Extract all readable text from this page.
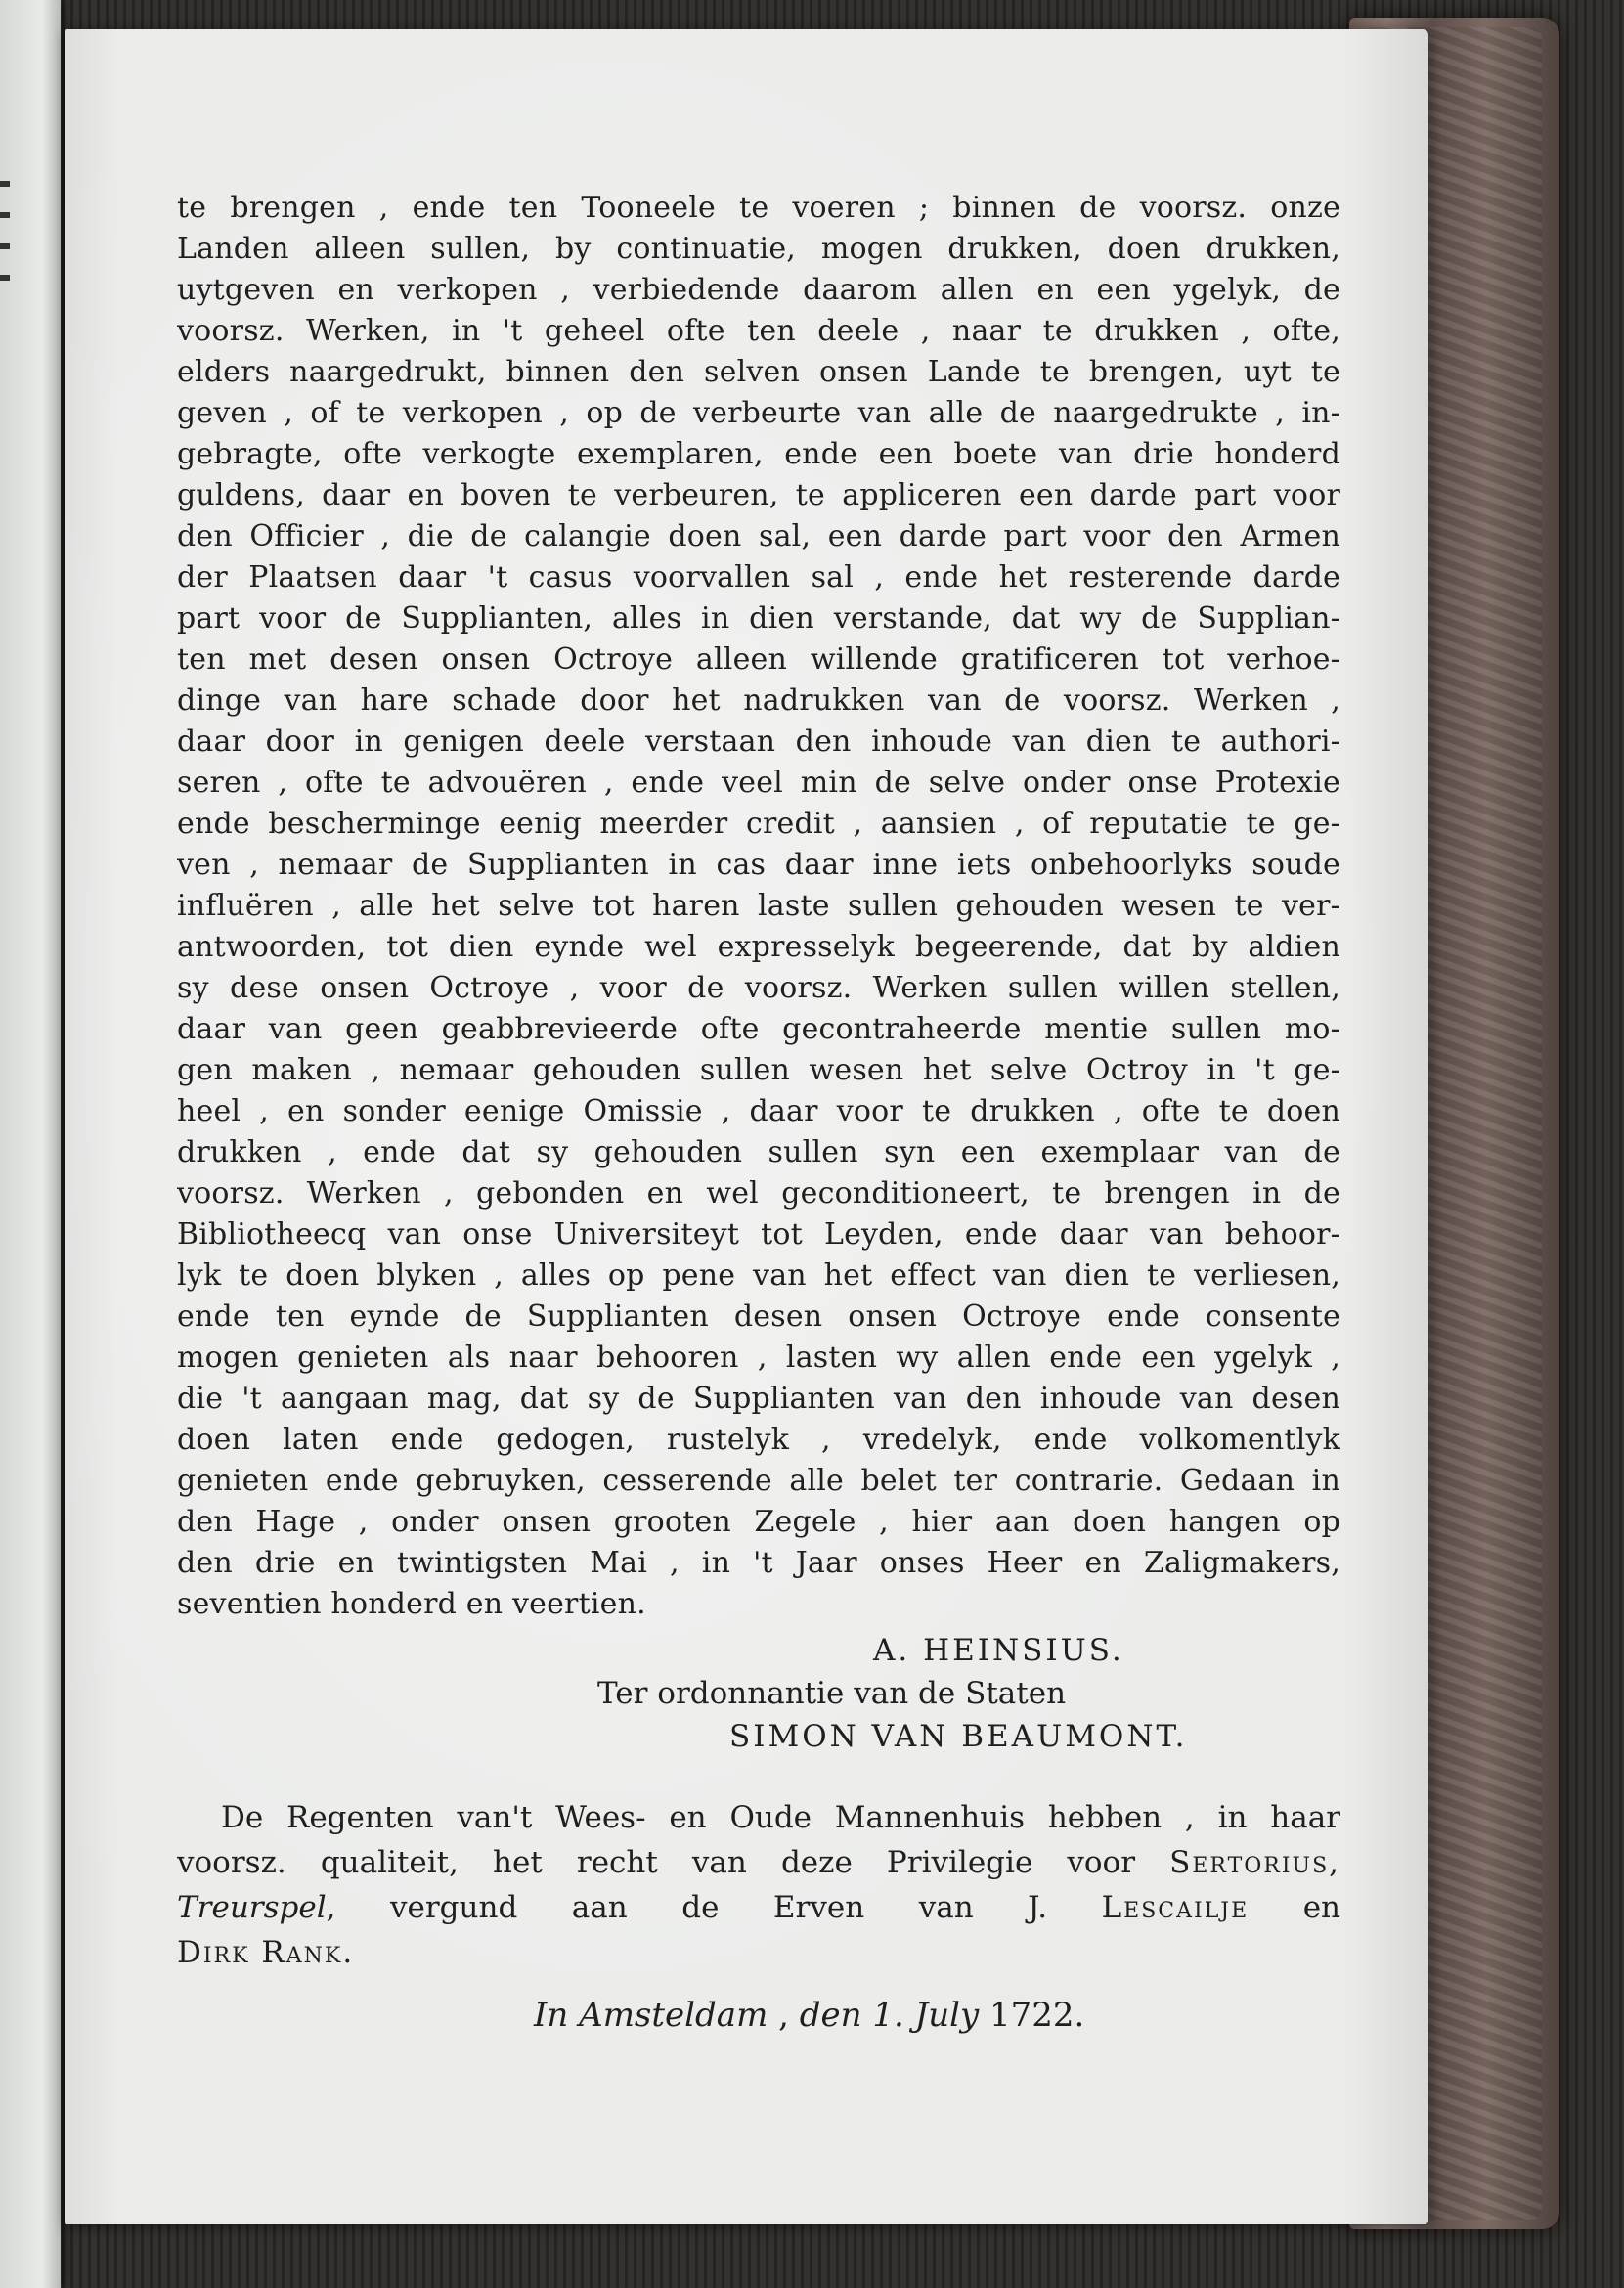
te brengen , ende ten Tooneele te voeren ; binnen de voorsz. onze
Landen alleen sullen, by continuatie, mogen drukken, doen drukken,
uytgeven en verkopen , verbiedende daarom allen en een ygelyk, de
voorsz. Werken, in 't geheel ofte ten deele , naar te drukken , ofte,
elders naargedrukt, binnen den selven onsen Lande te brengen, uyt te
geven , of te verkopen , op de verbeurte van alle de naargedrukte , in-
gebragte, ofte verkogte exemplaren, ende een boete van drie honderd
guldens, daar en boven te verbeuren, te appliceren een darde part voor
den Officier , die de calangie doen sal, een darde part voor den Armen
der Plaatsen daar 't casus voorvallen sal , ende het resterende darde
part voor de Supplianten, alles in dien verstande, dat wy de Supplian-
ten met desen onsen Octroye alleen willende gratificeren tot verhoe-
dinge van hare schade door het nadrukken van de voorsz. Werken ,
daar door in genigen deele verstaan den inhoude van dien te authori-
seren , ofte te advouëren , ende veel min de selve onder onse Protexie
ende beschermingе eenig meerder credit , aansien , of reputatie te ge-
ven , nemaar de Supplianten in cas daar inne iets onbehoorlyks soude
influëren , alle het selve tot haren laste sullen gehouden wesen te ver-
antwoorden, tot dien eynde wel expresselyk begeerende, dat by aldien
sy dese onsen Octroye , voor de voorsz. Werken sullen willen stellen,
daar van geen geabbrevieerde ofte gecontraheerde mentie sullen mo-
gen maken , nemaar gehouden sullen wesen het selve Octroy in 't ge-
heel , en sonder eenige Omissie , daar voor te drukken , ofte te doen
drukken , ende dat sy gehouden sullen syn een exemplaar van de
voorsz. Werken , gebonden en wel geconditioneert, te brengen in de
Bibliotheecq van onse Universiteyt tot Leyden, ende daar van behoor-
lyk te doen blyken , alles op pene van het effect van dien te verliesen,
ende ten eynde de Supplianten desen onsen Octroye ende consente
mogen genieten als naar behooren , lasten wy allen ende een ygelyk ,
die 't aangaan mag, dat sy de Supplianten van den inhoude van desen
doen laten ende gedogen, rustelyk , vredelyk, ende volkomentlyk
genieten ende gebruyken, cesserende alle belet ter contrarie. Gedaan in
den Hage , onder onsen grooten Zegele , hier aan doen hangen op
den drie en twintigsten Mai , in 't Jaar onses Heer en Zaligmakers,
seventien honderd en veertien.
A. HEINSIUS.
Ter ordonnantie van de Staten
SIMON VAN BEAUMONT.
De Regenten van't Wees- en Oude Mannenhuis hebben , in haar
voorsz. qualiteit, het recht van deze Privilegie voor Sertorius,
Treurspel, vergund aan de Erven van J. Lescailje en
Dirk Rank.
In Amsteldam , den 1. July 1722.
